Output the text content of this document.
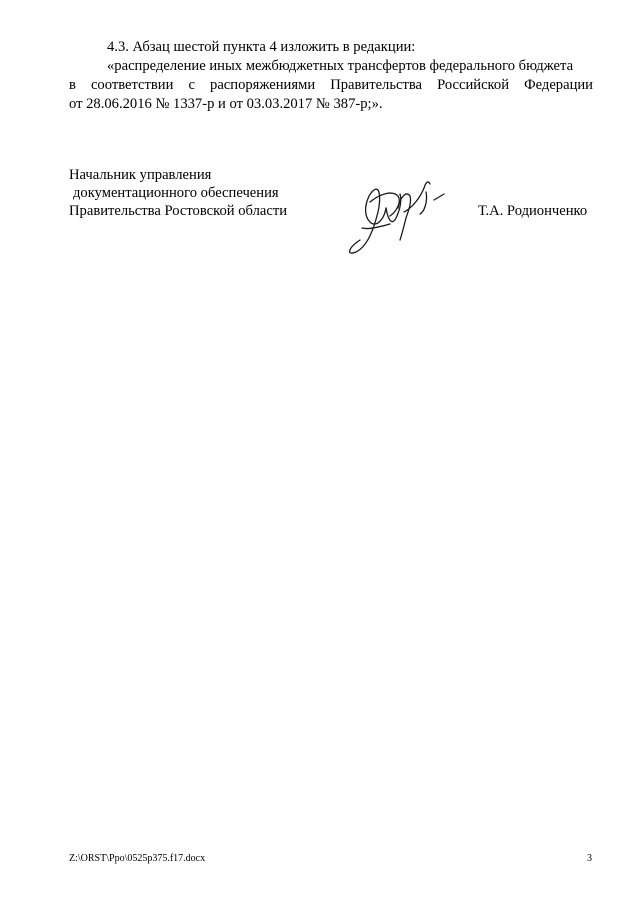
4.3. Абзац шестой пункта 4 изложить в редакции:

«распределение иных межбюджетных трансфертов федерального бюджета
в соответствии с распоряжениями Правительства Российской Федерации
от 28.06.2016 № 1337-р и от 03.03.2017 № 387-р;».

Начальник управления
документационного обеспечения
Правительства Ростовской области	Т.А. Родионченко
Z:\ORST\Ppo\0525p375.f17.docx	3
